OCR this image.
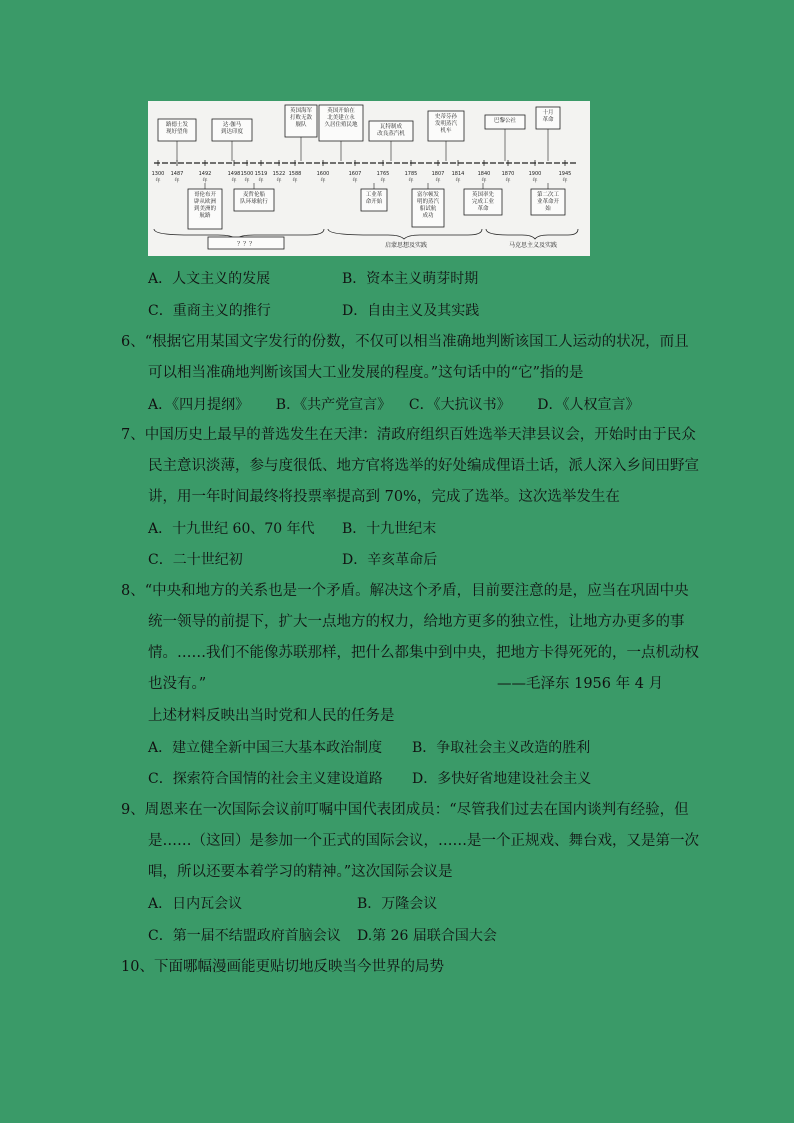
1300
年
1487
年
1492
年
1498
年
1500
年
1519
年
1522
年
1588
年
1600
年
1607
年
1765
年
1785
年
1807
年
1814
年
1840
年
1870
年
1900
年
1945
年
路德士发现好望角
达·伽马到达印度
英国海军打败无敌舰队
英国开始在北美建立永久居住殖民地	瓦特制成改良蒸汽机
史蒂芬孙发明蒸汽机车
巴黎公社
十月革命
哥伦布开辟从欧洲到美洲的航路
麦哲伦船队环球航行
工业革命开始
富尔顿发明的蒸汽船试航成功
英国率先完成工业革命
第二次工业革命开始
？？？	启蒙思想及实践	马克思主义及实践
A．人文主义的发展	B．资本主义萌芽时期
C．重商主义的推行	D．自由主义及其实践
6、“根据它用某国文字发行的份数，不仅可以相当准确地判断该国工人运动的状况，而且
可以相当准确地判断该国大工业发展的程度。”这句话中的“它”指的是
A．《四月提纲》      B．《共产党宣言》    C．《大抗议书》      D．《人权宣言》
7、中国历史上最早的普选发生在天津：清政府组织百姓选举天津县议会，开始时由于民众
民主意识淡薄，参与度很低、地方官将选举的好处编成俚语土话，派人深入乡间田野宣
讲，用一年时间最终将投票率提高到 70%，完成了选举。这次选举发生在
A．十九世纪 60、70 年代 B．十九世纪末
C．二十世纪初	D．辛亥革命后
8、“中央和地方的关系也是一个矛盾。解决这个矛盾，目前要注意的是，应当在巩固中央
统一领导的前提下，扩大一点地方的权力，给地方更多的独立性，让地方办更多的事
情。……我们不能像苏联那样，把什么都集中到中央，把地方卡得死死的，一点机动权
也没有。”	——毛泽东 1956 年 4 月
上述材料反映出当时党和人民的任务是
A．建立健全新中国三大基本政治制度 B．争取社会主义改造的胜利
C．探索符合国情的社会主义建设道路 D．多快好省地建设社会主义
9、周恩来在一次国际会议前叮嘱中国代表团成员：“尽管我们过去在国内谈判有经验，但
是……（这回）是参加一个正式的国际会议，……是一个正规戏、舞台戏，又是第一次
唱，所以还要本着学习的精神。”这次国际会议是
A．日内瓦会议	B．万隆会议
C．第一届不结盟政府首脑会议 D.第 26 届联合国大会
10、下面哪幅漫画能更贴切地反映当今世界的局势
